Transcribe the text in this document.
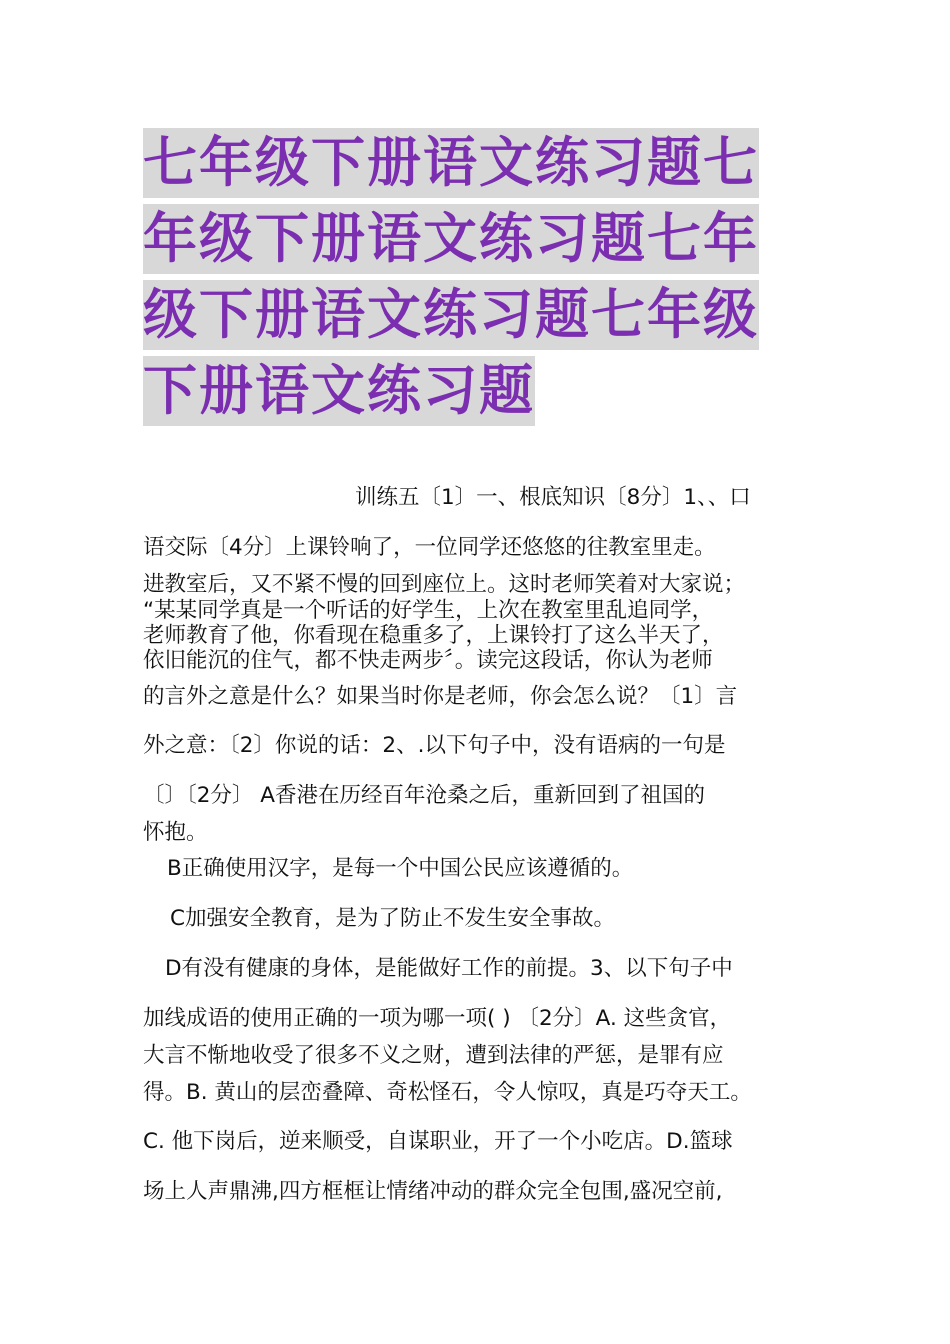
七年级下册语文练习题七
年级下册语文练习题七年
级下册语文练习题七年级
下册语文练习题
训练五〔1〕一、根底知识〔8分〕1、、口
语交际〔4分〕上课铃响了，一位同学还悠悠的往教室里走。
进教室后，又不紧不慢的回到座位上。这时老师笑着对大家说；
“某某同学真是一个听话的好学生，上次在教室里乱追同学，
老师教育了他，你看现在稳重多了，上课铃打了这么半天了，
依旧能沉的住气，都不快走两步〞。读完这段话，你认为老师
的言外之意是什么？如果当时你是老师，你会怎么说？〔1〕言
外之意：〔2〕你说的话：2、.以下句子中，没有语病的一句是
〔〕〔2分〕 A香港在历经百年沧桑之后，重新回到了祖国的
怀抱。
B正确使用汉字，是每一个中国公民应该遵循的。
C加强安全教育，是为了防止不发生安全事故。
D有没有健康的身体，是能做好工作的前提。3、以下句子中
加线成语的使用正确的一项为哪一项( ) 〔2分〕A. 这些贪官，
大言不惭地收受了很多不义之财，遭到法律的严惩，是罪有应
得。B. 黄山的层峦叠障、奇松怪石，令人惊叹，真是巧夺天工。
C. 他下岗后，逆来顺受，自谋职业，开了一个小吃店。D.篮球
场上人声鼎沸,四方框框让情绪冲动的群众完全包围,盛况空前,
